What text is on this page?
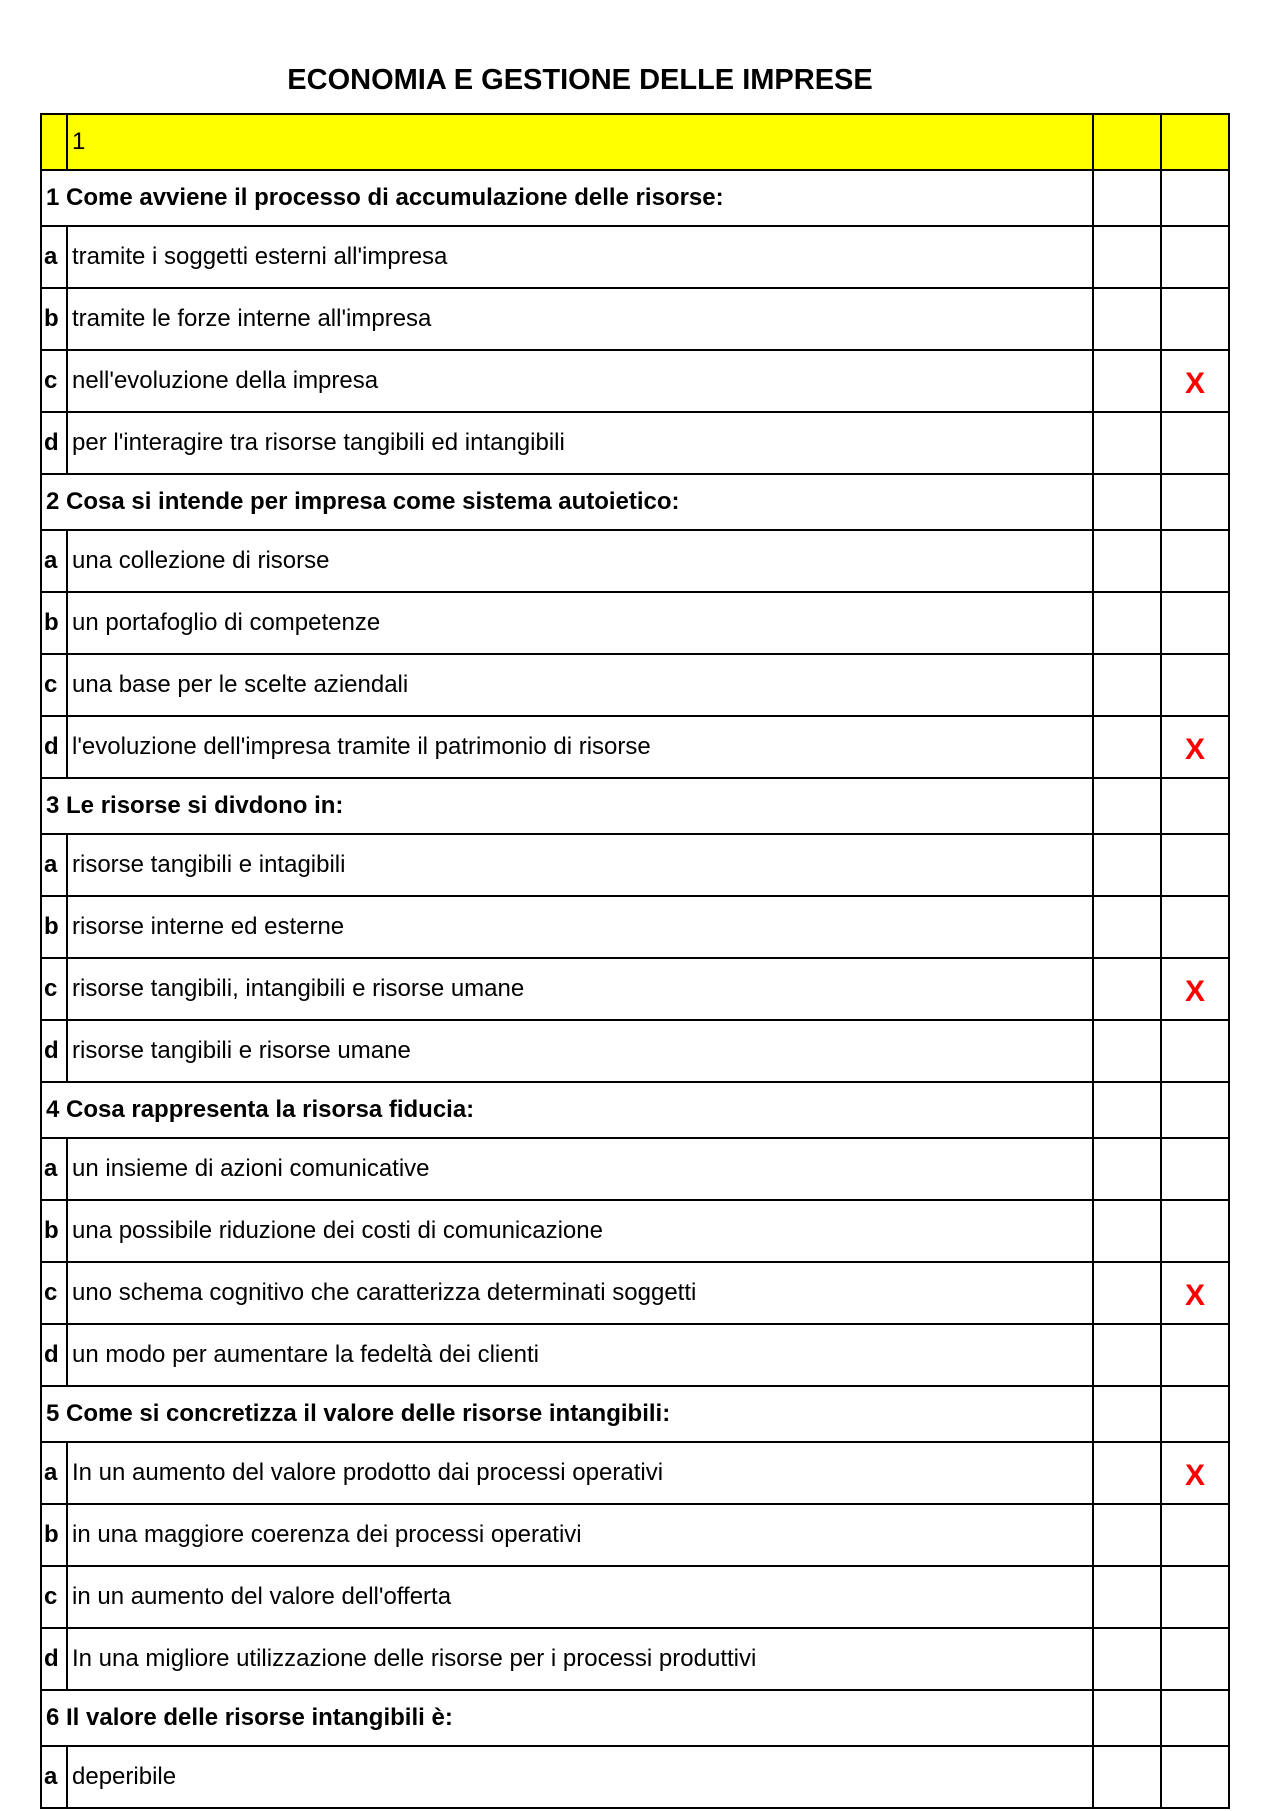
ECONOMIA E GESTIONE DELLE IMPRESE
	1		
1 Come avviene il processo di accumulazione delle risorse:			
a	tramite i soggetti esterni all'impresa		
b	tramite le forze interne all'impresa		
c	nell'evoluzione della impresa		X
d	per l'interagire tra risorse tangibili ed intangibili		
2 Cosa si intende per impresa come sistema autoietico:			
a	una collezione di risorse		
b	un portafoglio di competenze		
c	una base per le scelte aziendali		
d	l'evoluzione dell'impresa tramite il patrimonio di risorse		X
3 Le risorse si divdono in:			
a	risorse tangibili e intagibili		
b	risorse interne ed esterne		
c	risorse tangibili, intangibili e risorse umane		X
d	risorse tangibili e risorse umane		
4 Cosa rappresenta la risorsa fiducia:			
a	un insieme di azioni comunicative		
b	una possibile riduzione dei costi di comunicazione		
c	uno schema cognitivo che caratterizza determinati soggetti		X
d	un modo per aumentare la fedeltà dei clienti		
5 Come si concretizza il valore delle risorse intangibili:			
a	In un aumento del valore prodotto dai processi operativi		X
b	in una maggiore coerenza dei processi operativi		
c	in un aumento del valore dell'offerta		
d	In una migliore utilizzazione delle risorse per i processi produttivi		
6 Il valore delle risorse intangibili è:			
a	deperibile		
